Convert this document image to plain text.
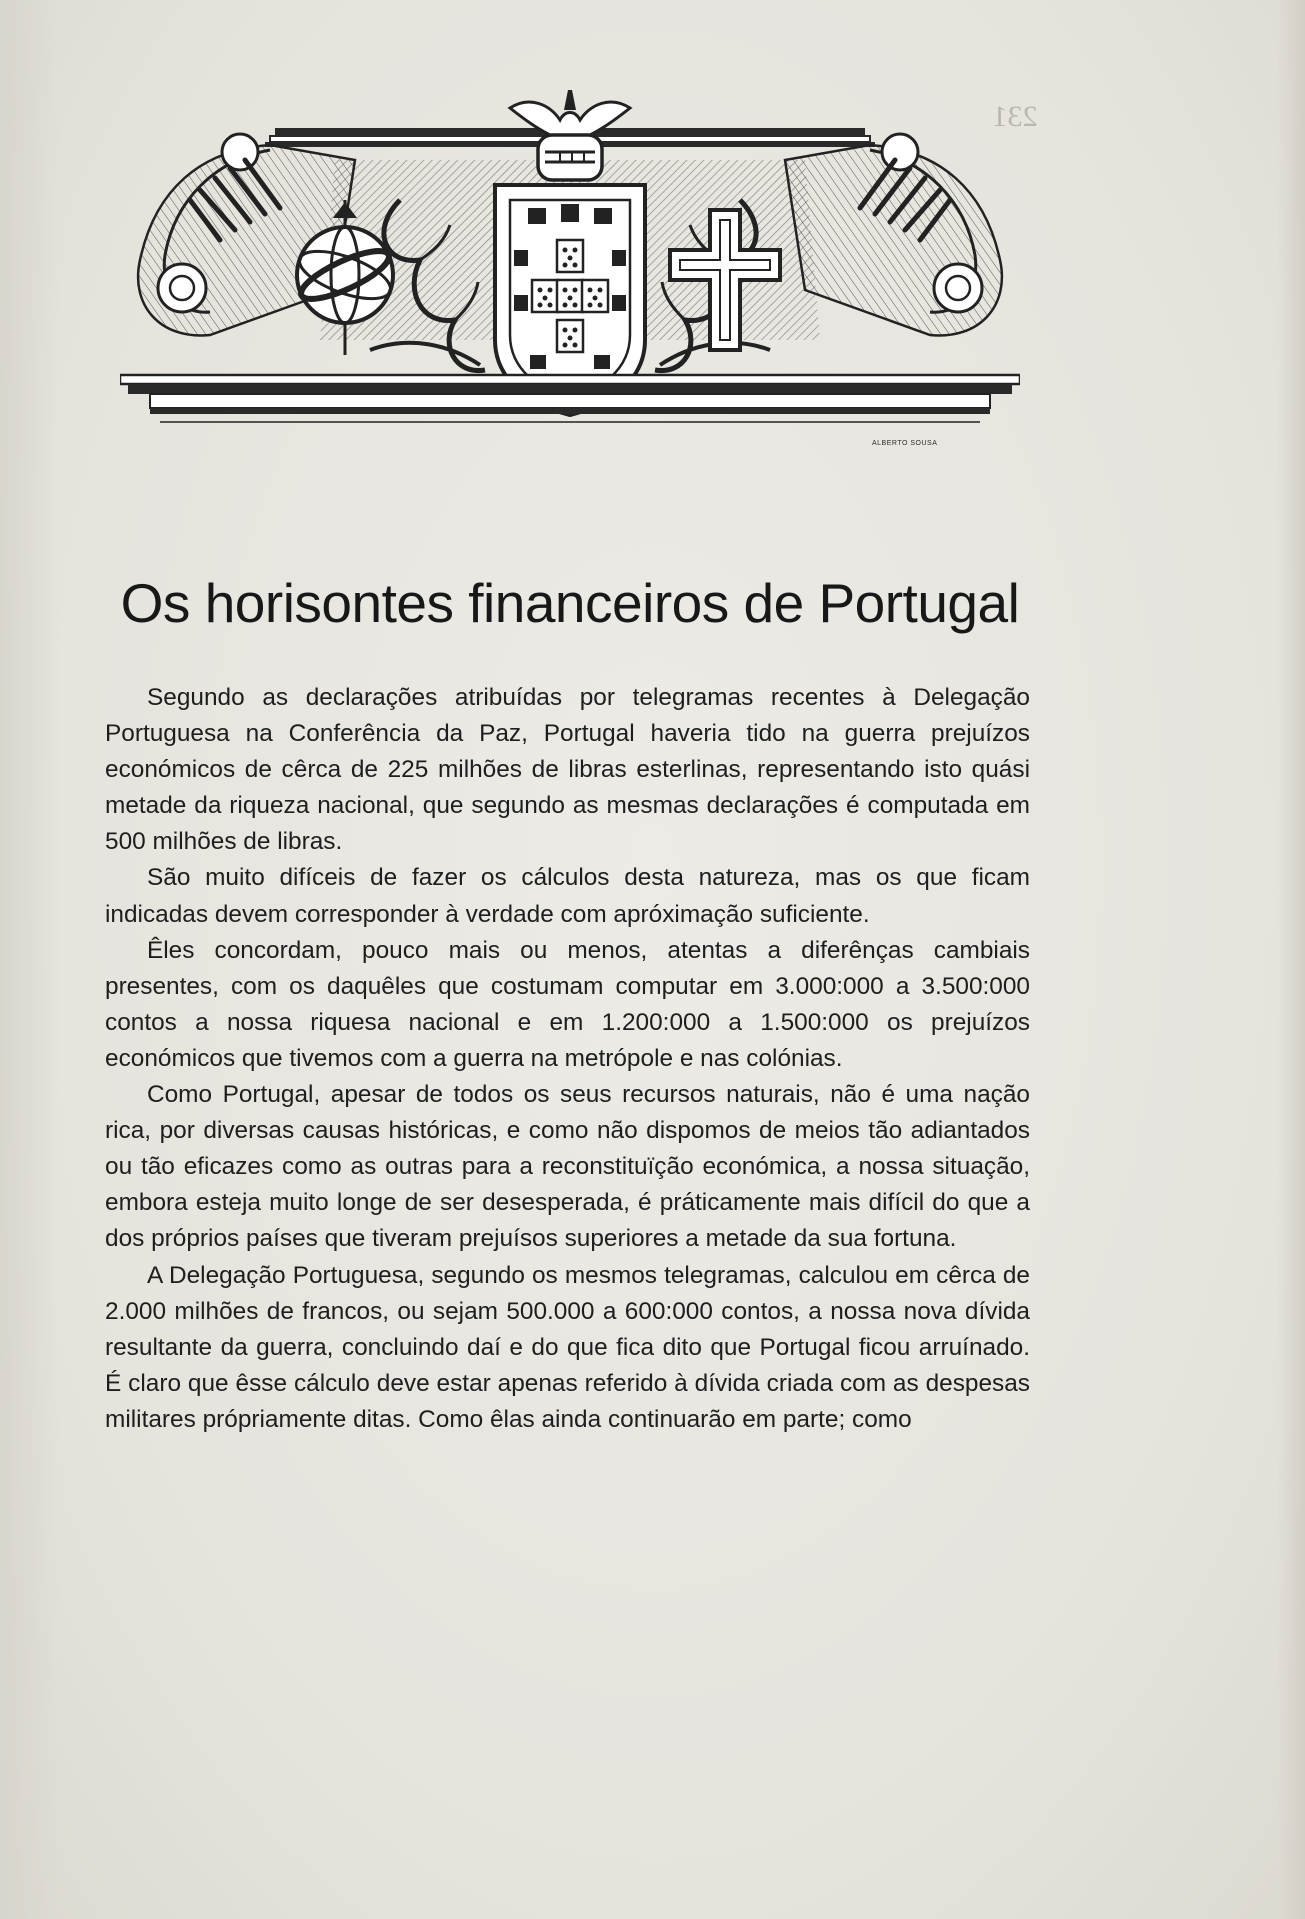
231
ALBERTO SOUSA
Os horisontes financeiros de Portugal

Segundo as declarações atribuídas por telegramas recentes à Delegação Portuguesa na Conferência da Paz, Portugal haveria tido na guerra prejuízos económicos de cêrca de 225 milhões de libras esterlinas, representando isto quási metade da riqueza nacional, que segundo as mesmas declarações é computada em 500 milhões de libras.

São muito difíceis de fazer os cálculos desta natureza, mas os que ficam indicadas devem corresponder à verdade com apróximação suficiente.

Êles concordam, pouco mais ou menos, atentas a diferênças cambiais presentes, com os daquêles que costumam computar em 3.000:000 a 3.500:000 contos a nossa riquesa nacional e em 1.200:000 a 1.500:000 os prejuízos económicos que tivemos com a guerra na metrópole e nas colónias.

Como Portugal, apesar de todos os seus recursos naturais, não é uma nação rica, por diversas causas históricas, e como não dispomos de meios tão adiantados ou tão eficazes como as outras para a reconstituïção económica, a nossa situação, embora esteja muito longe de ser desesperada, é práticamente mais difícil do que a dos próprios países que tiveram prejuísos superiores a metade da sua fortuna.

A Delegação Portuguesa, segundo os mesmos telegramas, calculou em cêrca de 2.000 milhões de francos, ou sejam 500.000 a 600:000 contos, a nossa nova dívida resultante da guerra, concluindo daí e do que fica dito que Portugal ficou arruínado. É claro que êsse cálculo deve estar apenas referido à dívida criada com as despesas militares própriamente ditas. Como êlas ainda continuarão em parte; como
